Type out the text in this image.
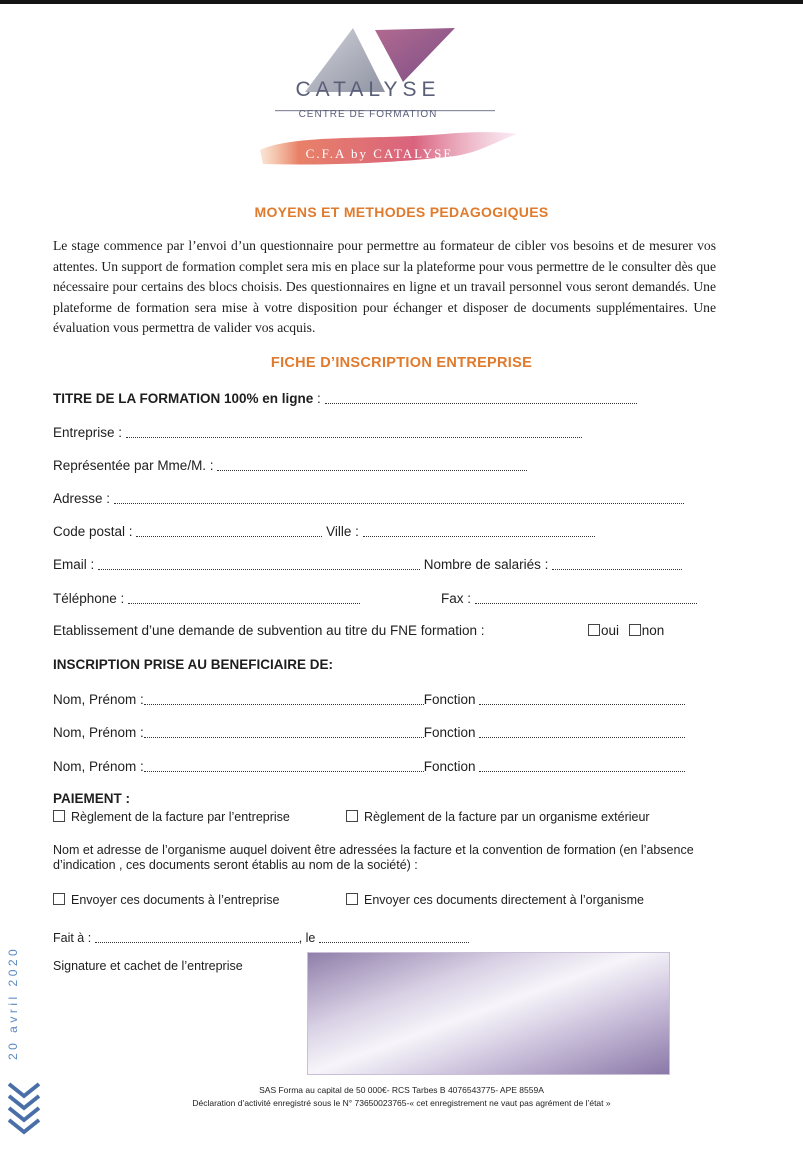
CATALYSE
CENTRE DE FORMATION
C.F.A by CATALYSE
MOYENS ET METHODES PEDAGOGIQUES

Le stage commence par l’envoi d’un questionnaire pour permettre au formateur de cibler vos besoins et de mesurer vos attentes. Un support de formation complet sera mis en place sur la plateforme pour vous permettre de le consulter dès que nécessaire pour certains des blocs choisis. Des questionnaires en ligne et un travail personnel vous seront demandés. Une plateforme de formation sera mise à votre disposition pour échanger et disposer de documents supplémentaires. Une évaluation vous permettra de valider vos acquis.

FICHE D’INSCRIPTION ENTREPRISE
TITRE DE LA FORMATION 100% en ligne :
Entreprise :
Représentée par Mme/M. :
Adresse :
Code postal :	Ville :
Email :	Nombre de salariés :
Téléphone :	Fax :
Etablissement d’une demande de subvention au titre du FNE formation :	oui non
INSCRIPTION PRISE AU BENEFICIAIRE DE:
Nom, Prénom :	Fonction
Nom, Prénom :	Fonction
Nom, Prénom :	Fonction
PAIEMENT :
Règlement de la facture par l’entreprise	Règlement de la facture par un organisme extérieur

Nom et adresse de l’organisme auquel doivent être adressées la facture et la convention de formation (en l’absence d’indication , ces documents seront établis au nom de la société) :

Envoyer ces documents à l’entreprise	Envoyer ces documents directement à l’organisme
Fait à :	, le
Signature et cachet de l’entreprise
SAS Forma au capital de 50 000€- RCS Tarbes B 4076543775- APE 8559A
Déclaration d’activité enregistré sous le N° 73650023765-« cet enregistrement ne vaut pas agrément de l’état »
20 avril 2020
